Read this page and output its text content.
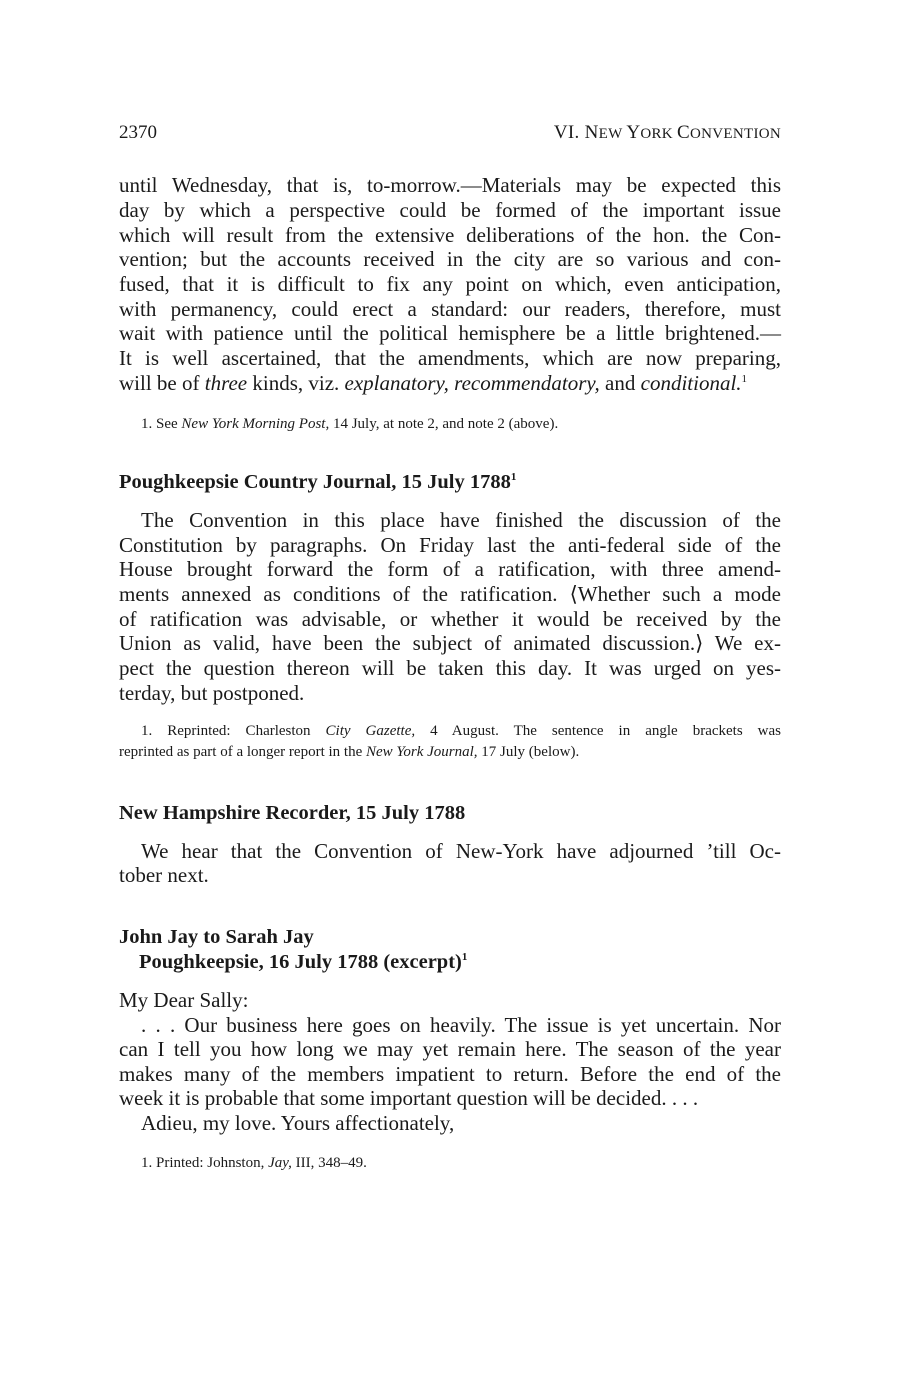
2370	VI. NEW YORK CONVENTION
until Wednesday, that is, to-morrow.—Materials may be expected this
day by which a perspective could be formed of the important issue
which will result from the extensive deliberations of the hon. the Con-
vention; but the accounts received in the city are so various and con-
fused, that it is difficult to fix any point on which, even anticipation,
with permanency, could erect a standard: our readers, therefore, must
wait with patience until the political hemisphere be a little brightened.—
It is well ascertained, that the amendments, which are now preparing,
will be of three kinds, viz. explanatory, recommendatory, and conditional.$^1$
1. See New York Morning Post, 14 July, at note 2, and note 2 (above).
Poughkeepsie Country Journal, 15 July 1788$^1$
The Convention in this place have finished the discussion of the
Constitution by paragraphs. On Friday last the anti-federal side of the
House brought forward the form of a ratification, with three amend-
ments annexed as conditions of the ratification. ⟨Whether such a mode
of ratification was advisable, or whether it would be received by the
Union as valid, have been the subject of animated discussion.⟩ We ex-
pect the question thereon will be taken this day. It was urged on yes-
terday, but postponed.
1. Reprinted: Charleston City Gazette, 4 August. The sentence in angle brackets was
reprinted as part of a longer report in the New York Journal, 17 July (below).
New Hampshire Recorder, 15 July 1788
We hear that the Convention of New-York have adjourned ’till Oc-
tober next.
John Jay to Sarah Jay
Poughkeepsie, 16 July 1788 (excerpt)$^1$
My Dear Sally:
. . . Our business here goes on heavily. The issue is yet uncertain. Nor
can I tell you how long we may yet remain here. The season of the year
makes many of the members impatient to return. Before the end of the
week it is probable that some important question will be decided. . . .
Adieu, my love. Yours affectionately,
1. Printed: Johnston, Jay, III, 348–49.
